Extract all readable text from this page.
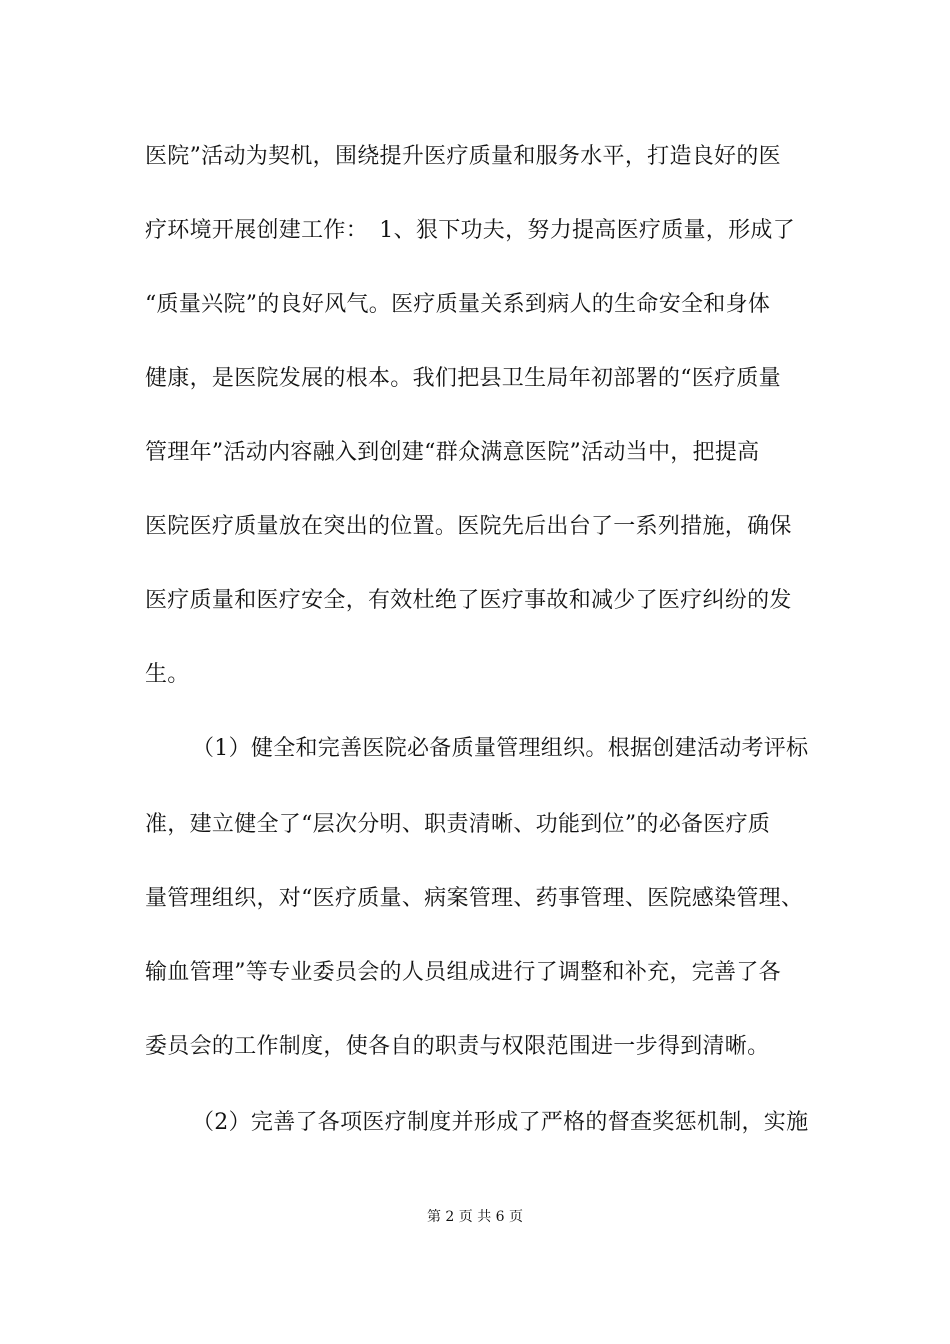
医院”活动为契机，围绕提升医疗质量和服务水平，打造良好的医
疗环境开展创建工作：　1、狠下功夫，努力提高医疗质量，形成了
“质量兴院”的良好风气。医疗质量关系到病人的生命安全和身体
健康，是医院发展的根本。我们把县卫生局年初部署的“医疗质量
管理年”活动内容融入到创建“群众满意医院”活动当中，把提高
医院医疗质量放在突出的位置。医院先后出台了一系列措施，确保
医疗质量和医疗安全，有效杜绝了医疗事故和减少了医疗纠纷的发
生。
（1）健全和完善医院必备质量管理组织。根据创建活动考评标
准，建立健全了“层次分明、职责清晰、功能到位”的必备医疗质
量管理组织，对“医疗质量、病案管理、药事管理、医院感染管理、
输血管理”等专业委员会的人员组成进行了调整和补充，完善了各
委员会的工作制度，使各自的职责与权限范围进一步得到清晰。
（2）完善了各项医疗制度并形成了严格的督查奖惩机制，实施
第 2 页 共 6 页
